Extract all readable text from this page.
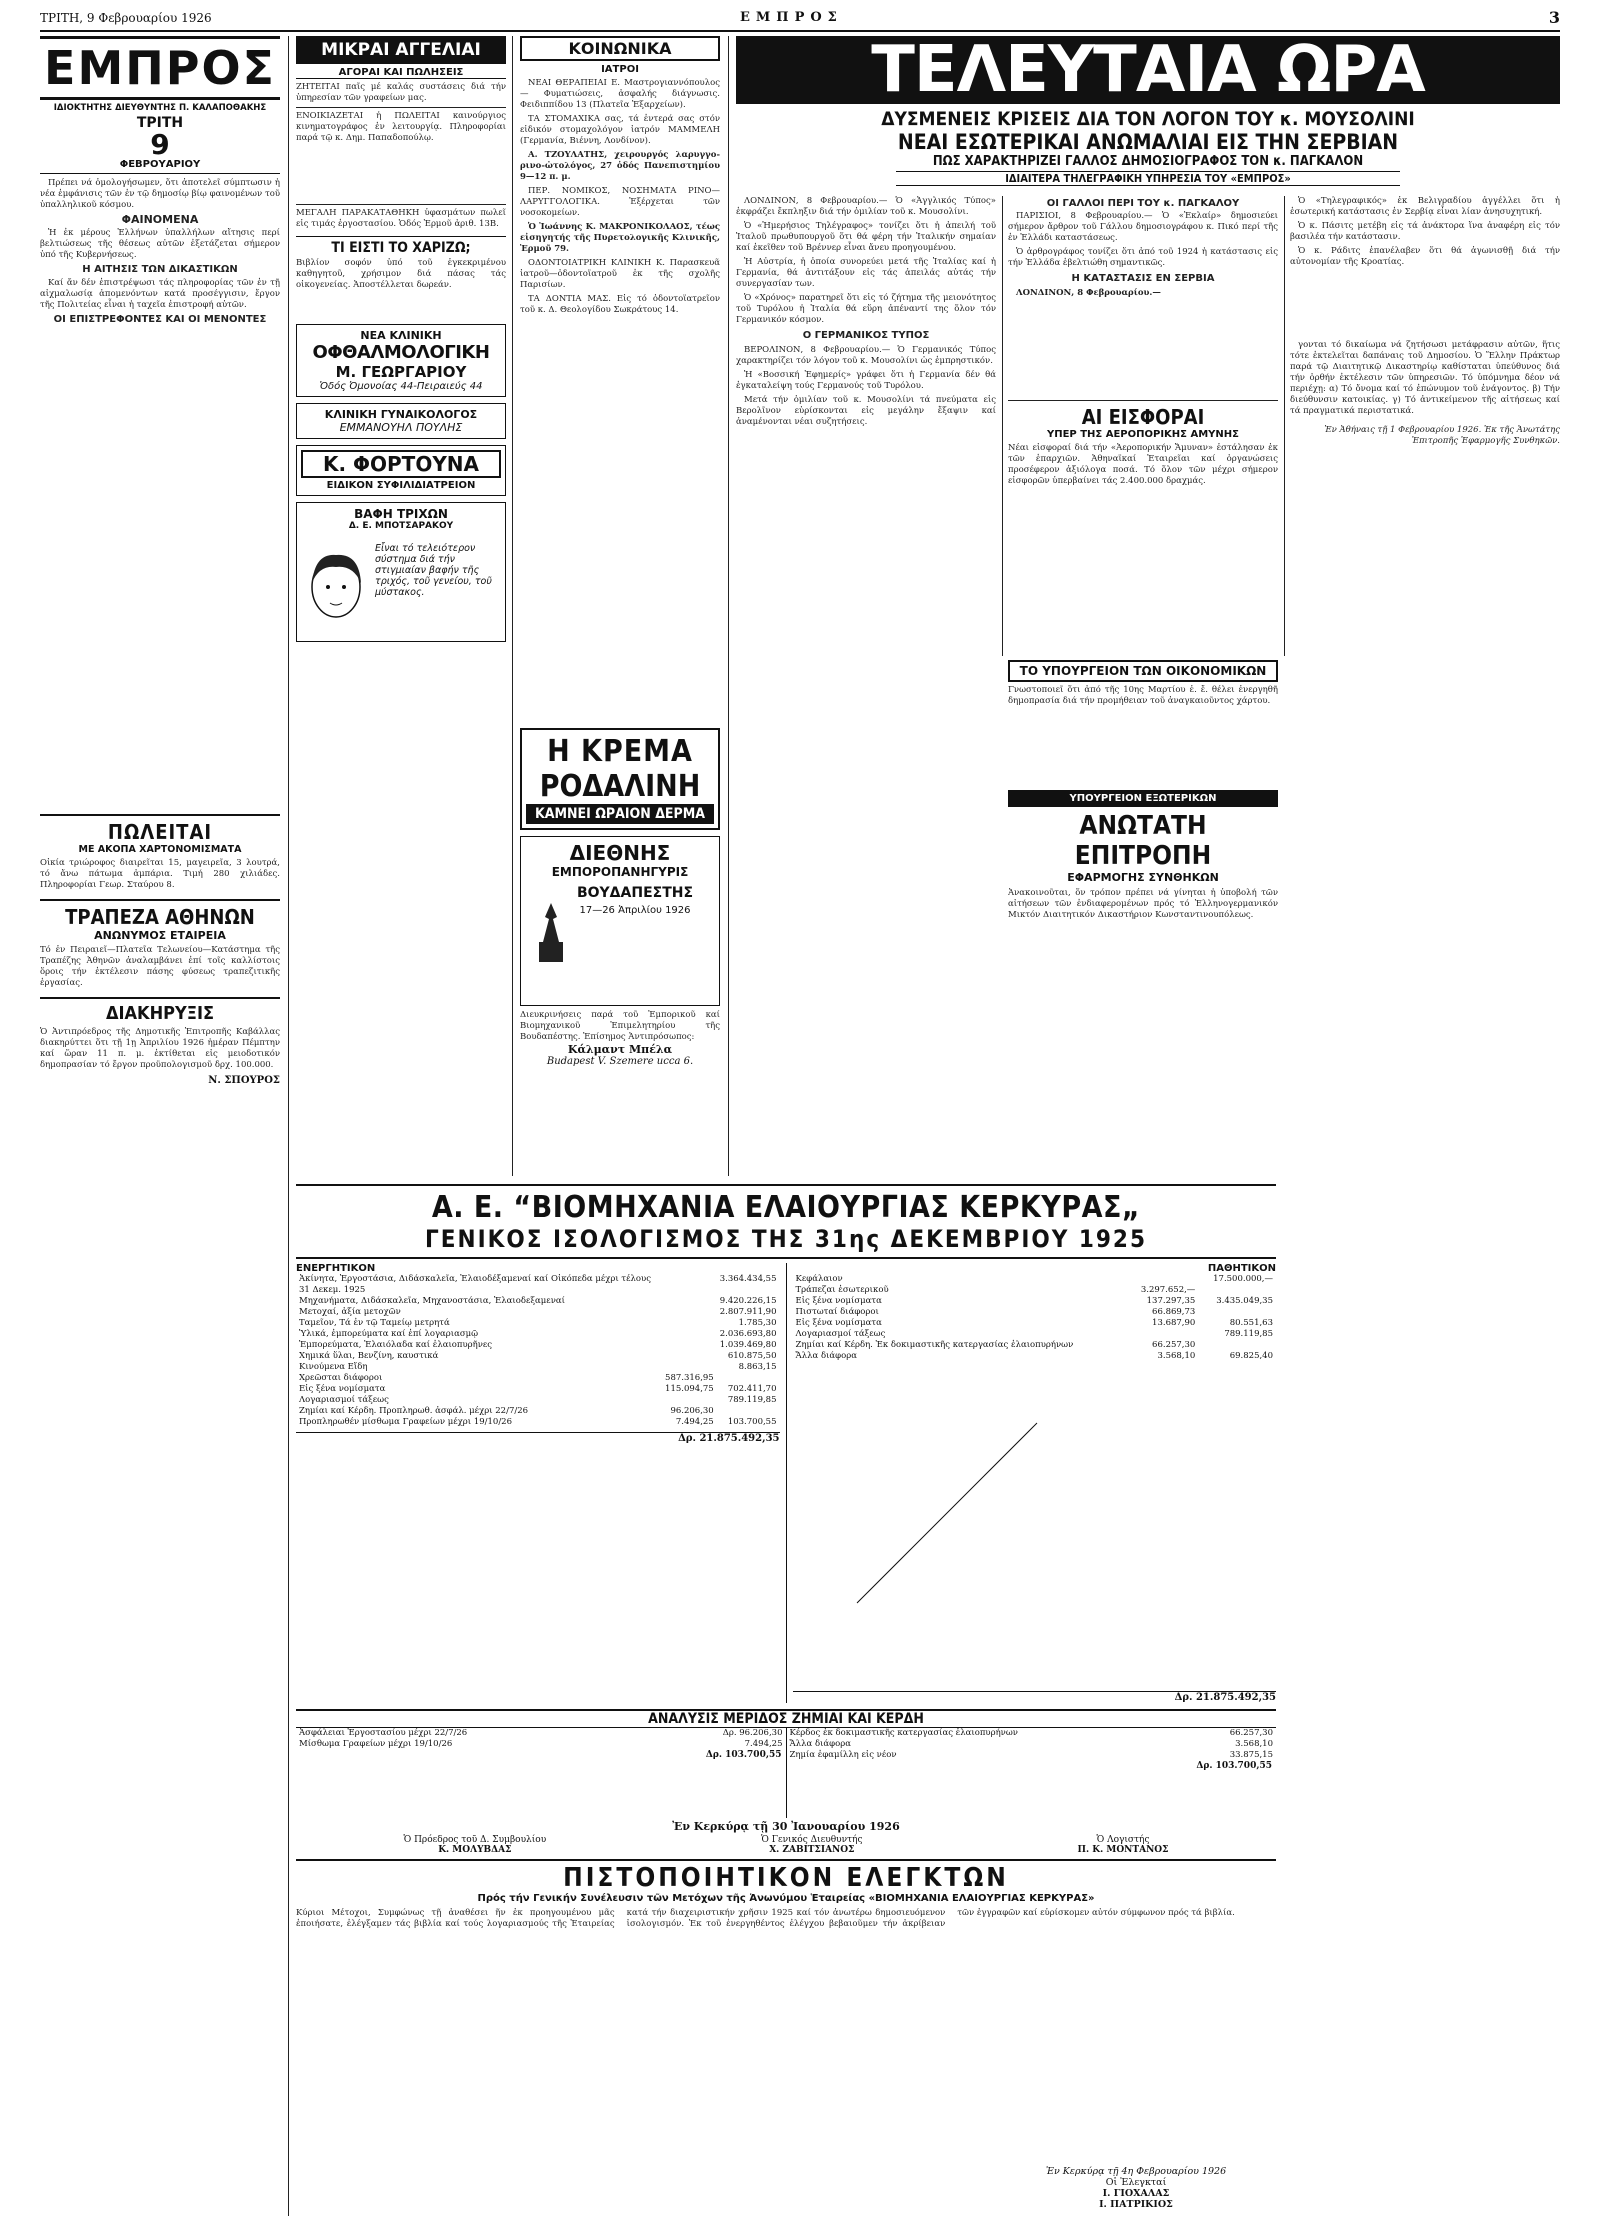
ΤΡΙΤΗ, 9 Φεβρουαρίου 1926	ΕΜΠΡΟΣ	3
ΕΜΠΡΟΣ
ΙΔΙΟΚΤΗΤΗΣ ΔΙΕΥΘΥΝΤΗΣ Π. ΚΑΛΑΠΟΘΑΚΗΣ
ΤΡΙΤΗ
9
ΦΕΒΡΟΥΑΡΙΟΥ

Πρέπει νά ὁμολογήσωμεν, ὅτι ἀποτελεῖ σύμπτωσιν ἡ νέα ἐμφάνισις τῶν ἐν τῷ δημοσίῳ βίῳ φαινομένων τοῦ ὑπαλληλικοῦ κόσμου.

ΦΑΙΝΟΜΕΝΑ

Ἡ ἐκ μέρους Ἑλλήνων ὑπαλλήλων αἴτησις περί βελτιώσεως τῆς θέσεως αὐτῶν ἐξετάζεται σήμερον ὑπό τῆς Κυβερνήσεως.

Η ΑΙΤΗΣΙΣ ΤΩΝ ΔΙΚΑΣΤΙΚΩΝ

Καί ἄν δέν ἐπιστρέψωσι τάς πληροφορίας τῶν ἐν τῇ αἰχμαλωσίᾳ ἀπομενόντων κατά προσέγγισιν, ἔργον τῆς Πολιτείας εἶναι ἡ ταχεῖα ἐπιστροφή αὐτῶν.

ΟΙ ΕΠΙΣΤΡΕΦΟΝΤΕΣ ΚΑΙ ΟΙ ΜΕΝΟΝΤΕΣ
ΠΩΛΕΙΤΑΙ
ΜΕ ΑΚΟΠΑ ΧΑΡΤΟΝΟΜΙΣΜΑΤΑ
Οἰκία τριώροφος διαιρεῖται 15, μαγειρεῖα, 3 λουτρά, τό ἄνω πάτωμα ἀμπάρια. Τιμή 280 χιλιάδες. Πληροφορίαι Γεωρ. Σταύρου 8.
ΤΡΑΠΕΖΑ ΑΘΗΝΩΝ
ΑΝΩΝΥΜΟΣ ΕΤΑΙΡΕΙΑ
Τό ἐν Πειραιεῖ—Πλατεῖα Τελωνείου—Κατάστημα τῆς Τραπέζης Ἀθηνῶν ἀναλαμβάνει ἐπί τοῖς καλλίστοις ὅροις τήν ἐκτέλεσιν πάσης φύσεως τραπεζιτικῆς ἐργασίας.
ΔΙΑΚΗΡΥΞΙΣ
Ὁ Ἀντιπρόεδρος τῆς Δημοτικῆς Ἐπιτροπῆς Καβάλλας διακηρύττει ὅτι τῇ 1ῃ Ἀπριλίου 1926 ἡμέραν Πέμπτην καί ὥραν 11 π. μ. ἐκτίθεται εἰς μειοδοτικόν δημοπρασίαν τό ἔργον προϋπολογισμοῦ δρχ. 100.000.
Ν. ΣΠΟΥΡΟΣ
ΜΙΚΡΑΙ ΑΓΓΕΛΙΑΙ
ΑΓΟΡΑΙ ΚΑΙ ΠΩΛΗΣΕΙΣ
ΖΗΤΕΙΤΑΙ παῖς μέ καλάς συστάσεις διά τήν ὑπηρεσίαν τῶν γραφείων μας.
ΕΝΟΙΚΙΑΖΕΤΑΙ ἡ ΠΩΛΕΙΤΑΙ καινούργιος κινηματογράφος ἐν λειτουργίᾳ. Πληροφορίαι παρά τῷ κ. Δημ. Παπαδοπούλῳ.
ΜΕΓΑΛΗ ΠΑΡΑΚΑΤΑΘΗΚΗ ὑφασμάτων πωλεῖ εἰς τιμάς ἐργοστασίου. Ὁδός Ἑρμοῦ ἀριθ. 13Β.
ΤΙ ΕΙΣΤΙ ΤΟ ΧΑΡΙΖΩ;
Βιβλίον σοφόν ὑπό τοῦ ἐγκεκριμένου καθηγητοῦ, χρήσιμον διά πάσας τάς οἰκογενείας. Ἀποστέλλεται δωρεάν.
ΝΕΑ ΚΛΙΝΙΚΗ
ΟΦΘΑΛΜΟΛΟΓΙΚΗ
Μ. ΓΕΩΡΓΑΡΙΟΥ
Ὁδός Ὀμονοίας 44-Πειραιεύς 44
ΚΛΙΝΙΚΗ ΓΥΝΑΙΚΟΛΟΓΟΣ
ΕΜΜΑΝΟΥΗΛ ΠΟΥΛΗΣ
Κ. ΦΟΡΤΟΥΝΑ
ΕΙΔΙΚΟΝ ΣΥΦΙΛΙΔΙΑΤΡΕΙΟΝ
ΒΑΦΗ ΤΡΙΧΩΝ
Δ. Ε. ΜΠΟΤΣΑΡΑΚΟΥ
Εἶναι τό τελειότερον σύστημα διά τήν στιγμιαίαν βαφήν τῆς τριχός, τοῦ γενείου, τοῦ μύστακος.
ΚΟΙΝΩΝΙΚΑ
ΙΑΤΡΟΙ

ΝΕΑΙ ΘΕΡΑΠΕΙΑΙ Ε. Μαστρογιαννόπουλος — Φυματιώσεις, ἀσφαλής διάγνωσις. Φειδιππίδου 13 (Πλατεῖα Ἐξαρχείων).

ΤΑ ΣΤΟΜΑΧΙΚΑ σας, τά ἐντερά σας στόν εἰδικόν στομαχολόγον ἰατρόν ΜΑΜΜΕΛΗ (Γερμανία, Βιέννη, Λονδίνον).

Α. ΤΖΟΥΛΑΤΗΣ, χειρουργός λαρυγγο-ρινο-ὠτολόγος, 27 ὁδός Πανεπιστημίου 9—12 π. μ.

ΠΕΡ. ΝΟΜΙΚΟΣ, ΝΟΣΗΜΑΤΑ ΡΙΝΟ—ΛΑΡΥΓΓΟΛΟΓΙΚΑ. Ἐξέρχεται τῶν νοσοκομείων.

Ὁ Ἰωάννης Κ. ΜΑΚΡΟΝΙΚΟΛΑΟΣ, τέως εἰσηγητής τῆς Πυρετολογικῆς Κλινικῆς, Ἐρμοῦ 79.

ΟΔΟΝΤΟΙΑΤΡΙΚΗ ΚΛΙΝΙΚΗ Κ. Παρασκευᾶ ἰατροῦ—ὀδοντοϊατροῦ ἐκ τῆς σχολῆς Παρισίων.

ΤΑ ΔΟΝΤΙΑ ΜΑΣ. Εἰς τό ὀδοντοϊατρεῖον τοῦ κ. Δ. Θεολογίδου Σωκράτους 14.

Η ΚΡΕΜΑ
ΡΟΔΑΛΙΝΗ
ΚΑΜΝΕΙ ΩΡΑΙΟΝ ΔΕΡΜΑ
ΔΙΕΘΝΗΣ
ΕΜΠΟΡΟΠΑΝΗΓΥΡΙΣ
ΒΟΥΔΑΠΕΣΤΗΣ
17—26 Ἀπριλίου 1926
Διευκρινήσεις παρά τοῦ Ἐμπορικοῦ καί Βιομηχανικοῦ Ἐπιμελητηρίου τῆς Βουδαπέστης. Ἐπίσημος Ἀντιπρόσωπος:
Κάλμαντ Μπέλα
Budapest V. Szemere ucca 6.
ΤΕΛΕΥΤΑΙΑ ΩΡΑ
ΔΥΣΜΕΝΕΙΣ ΚΡΙΣΕΙΣ ΔΙΑ ΤΟΝ ΛΟΓΟΝ ΤΟΥ κ. ΜΟΥΣΟΛΙΝΙ
ΝΕΑΙ ΕΣΩΤΕΡΙΚΑΙ ΑΝΩΜΑΛΙΑΙ ΕΙΣ ΤΗΝ ΣΕΡΒΙΑΝ
ΠΩΣ ΧΑΡΑΚΤΗΡΙΖΕΙ ΓΑΛΛΟΣ ΔΗΜΟΣΙΟΓΡΑΦΟΣ ΤΟΝ κ. ΠΑΓΚΑΛΟΝ
ΙΔΙΑΙΤΕΡΑ ΤΗΛΕΓΡΑΦΙΚΗ ΥΠΗΡΕΣΙΑ ΤΟΥ «ΕΜΠΡΟΣ»

ΛΟΝΔΙΝΟΝ, 8 Φεβρουαρίου.— Ὁ «Ἀγγλικός Τύπος» ἐκφράζει ἔκπληξιν διά τήν ὁμιλίαν τοῦ κ. Μουσολίνι.

Ὁ «Ἡμερήσιος Τηλέγραφος» τονίζει ὅτι ἡ ἀπειλή τοῦ Ἰταλοῦ πρωθυπουργοῦ ὅτι θά φέρη τήν Ἰταλικήν σημαίαν καί ἐκεῖθεν τοῦ Βρέννερ εἶναι ἄνευ προηγουμένου.

Ἡ Αὐστρία, ἡ ὁποία συνορεύει μετά τῆς Ἰταλίας καί ἡ Γερμανία, θά ἀντιτάξουν εἰς τάς ἀπειλάς αὐτάς τήν συνεργασίαν των.

Ὁ «Χρόνος» παρατηρεῖ ὅτι εἰς τό ζήτημα τῆς μειονότητος τοῦ Τυρόλου ἡ Ἰταλία θά εὕρη ἀπέναντί της ὅλον τόν Γερμανικόν κόσμον.

Ο ΓΕΡΜΑΝΙΚΟΣ ΤΥΠΟΣ

ΒΕΡΟΛΙΝΟΝ, 8 Φεβρουαρίου.— Ὁ Γερμανικός Τύπος χαρακτηρίζει τόν λόγον τοῦ κ. Μουσολίνι ὡς ἐμπρηστικόν.

Ἡ «Βοσσική Ἐφημερίς» γράφει ὅτι ἡ Γερμανία δέν θά ἐγκαταλείψη τούς Γερμανούς τοῦ Τυρόλου.

Μετά τήν ὁμιλίαν τοῦ κ. Μουσολίνι τά πνεύματα εἰς Βερολῖνον εὑρίσκονται εἰς μεγάλην ἔξαψιν καί ἀναμένονται νέαι συζητήσεις.

ΟΙ ΓΑΛΛΟΙ ΠΕΡΙ ΤΟΥ κ. ΠΑΓΚΑΛΟΥ

ΠΑΡΙΣΙΟΙ, 8 Φεβρουαρίου.— Ὁ «Ἐκλαίρ» δημοσιεύει σήμερον ἄρθρον τοῦ Γάλλου δημοσιογράφου κ. Πικό περί τῆς ἐν Ἑλλάδι καταστάσεως.

Ὁ ἀρθρογράφος τονίζει ὅτι ἀπό τοῦ 1924 ἡ κατάστασις εἰς τήν Ἑλλάδα ἐβελτιώθη σημαντικῶς.

Η ΚΑΤΑΣΤΑΣΙΣ ΕΝ ΣΕΡΒΙΑ

ΛΟΝΔΙΝΟΝ, 8 Φεβρουαρίου.—

Ὁ «Τηλεγραφικός» ἐκ Βελιγραδίου ἀγγέλλει ὅτι ἡ ἐσωτερική κατάστασις ἐν Σερβίᾳ εἶναι λίαν ἀνησυχητική.

Ὁ κ. Πάσιτς μετέβη εἰς τά ἀνάκτορα ἵνα ἀναφέρη εἰς τόν βασιλέα τήν κατάστασιν.

Ὁ κ. Ράδιτς ἐπανέλαβεν ὅτι θά ἀγωνισθῇ διά τήν αὐτονομίαν τῆς Κροατίας.

ΑΙ ΕΙΣΦΟΡΑΙ
ΥΠΕΡ ΤΗΣ ΑΕΡΟΠΟΡΙΚΗΣ ΑΜΥΝΗΣ
Νέαι εἰσφοραί διά τήν «Ἀεροπορικήν Ἄμυναν» ἐστάλησαν ἐκ τῶν ἐπαρχιῶν. Ἀθηναϊκαί Ἑταιρεῖαι καί ὀργανώσεις προσέφερον ἀξιόλογα ποσά. Τό ὅλον τῶν μέχρι σήμερον εἰσφορῶν ὑπερβαίνει τάς 2.400.000 δραχμάς.
ΤΟ ΥΠΟΥΡΓΕΙΟΝ ΤΩΝ ΟΙΚΟΝΟΜΙΚΩΝ
Γνωστοποιεῖ ὅτι ἀπό τῆς 10ης Μαρτίου ἐ. ἔ. θέλει ἐνεργηθῆ δημοπρασία διά τήν προμήθειαν τοῦ ἀναγκαιοῦντος χάρτου.
ΥΠΟΥΡΓΕΙΟΝ ΕΞΩΤΕΡΙΚΩΝ
ΑΝΩΤΑΤΗ ΕΠΙΤΡΟΠΗ
ΕΦΑΡΜΟΓΗΣ ΣΥΝΘΗΚΩΝ
Ἀνακοινοῦται, ὅν τρόπον πρέπει νά γίνηται ἡ ὑποβολή τῶν αἰτήσεων τῶν ἐνδιαφερομένων πρός τό Ἑλληνογερμανικόν Μικτόν Διαιτητικόν Δικαστήριον Κωνσταντινουπόλεως.

γονται τό δικαίωμα νά ζητήσωσι μετάφρασιν αὐτῶν, ἥτις τότε ἐκτελεῖται δαπάναις τοῦ Δημοσίου. Ὁ Ἕλλην Πράκτωρ παρά τῷ Διαιτητικῷ Δικαστηρίῳ καθίσταται ὑπεύθυνος διά τήν ὀρθήν ἐκτέλεσιν τῶν ὑπηρεσιῶν. Τό ὑπόμνημα δέον νά περιέχῃ: α) Τό ὄνομα καί τό ἐπώνυμον τοῦ ἐνάγοντος. β) Τήν διεύθυνσιν κατοικίας. γ) Τό ἀντικείμενον τῆς αἰτήσεως καί τά πραγματικά περιστατικά.

Ἐν Ἀθήναις τῇ 1 Φεβρουαρίου 1926. Ἐκ τῆς Ἀνωτάτης Ἐπιτροπῆς Ἐφαρμογῆς Συνθηκῶν.

Α. Ε. “ΒΙΟΜΗΧΑΝΙΑ ΕΛΑΙΟΥΡΓΙΑΣ ΚΕΡΚΥΡΑΣ„
ΓΕΝΙΚΟΣ ΙΣΟΛΟΓΙΣΜΟΣ ΤΗΣ 31ης ΔΕΚΕΜΒΡΙΟΥ 1925
ΕΝΕΡΓΗΤΙΚΟΝ
Ἀκίνητα, Ἐργοστάσια, Διδάσκαλεῖα, Ἐλαιοδέξαμεναί καί Οἰκόπεδα μέχρι τέλους 31 Δεκεμ. 1925		3.364.434,55
Μηχανήματα, Διδάσκαλεῖα, Μηχανοστάσια, Ἐλαιοδεξαμεναί		9.420.226,15
Μετοχαί, ἀξία μετοχῶν		2.807.911,90
Ταμεῖον, Τά ἐν τῷ Ταμείῳ μετρητά		1.785,30
Ὑλικά, ἐμπορεύματα καί ἐπί λογαριασμῷ		2.036.693,80
Ἐμπορεύματα, Ἐλαιόλαδα καί ἐλαιοπυρῆνες		1.039.469,80
Χημικά ὕλαι, Βενζίνη, καυστικά		610.875,50
Κινούμενα Εἴδη		8.863,15
Χρεῶσται διάφοροι	587.316,95	
Εἰς ξένα νομίσματα	115.094,75	702.411,70
Λογαριασμοί τάξεως		789.119,85
Ζημίαι καί Κέρδη. Προπληρωθ. ἀσφάλ. μέχρι 22/7/26	96.206,30	
Προπληρωθέν μίσθωμα Γραφείων μέχρι 19/10/26	7.494,25	103.700,55
Δρ. 21.875.492,35
ΠΑΘΗΤΙΚΟΝ
Κεφάλαιον		17.500.000,—
Τράπεζαι ἐσωτερικοῦ	3.297.652,—	
Εἰς ξένα νομίσματα	137.297,35	3.435.049,35
Πιστωταί διάφοροι	66.869,73	
Εἰς ξένα νομίσματα	13.687,90	80.551,63
Λογαριασμοί τάξεως		789.119,85
Ζημίαι καί Κέρδη. Ἐκ δοκιμαστικῆς κατεργασίας ἐλαιοπυρήνων	66.257,30	
Ἄλλα διάφορα	3.568,10	69.825,40
Δρ. 21.875.492,35
ΑΝΑΛΥΣΙΣ ΜΕΡΙΔΟΣ ΖΗΜΙΑΙ ΚΑΙ ΚΕΡΔΗ
Ἀσφάλειαι Ἐργοστασίου μέχρι 22/7/26	Δρ. 96.206,30
Μίσθωμα Γραφείων μέχρι 19/10/26	7.494,25
Δρ. 103.700,55
Κέρδος ἐκ δοκιμαστικῆς κατεργασίας ἐλαιοπυρήνων	66.257,30
Ἄλλα διάφορα	3.568,10
Ζημία ἐφαμίλλη εἰς νέον	33.875,15
Δρ. 103.700,55
Ἐν Κερκύρᾳ τῇ 30 Ἰανουαρίου 1926
Ὁ Πρόεδρος τοῦ Δ. Συμβουλίου
Κ. ΜΟΛΥΒΔΑΣ
Ὁ Γενικός Διευθυντής
Χ. ΖΑΒΙΤΣΙΑΝΟΣ
Ὁ Λογιστής
Π. Κ. ΜΟΝΤΑΝΟΣ
ΠΙΣΤΟΠΟΙΗΤΙΚΟΝ ΕΛΕΓΚΤΩΝ
Πρός τήν Γενικήν Συνέλευσιν τῶν Μετόχων τῆς Ἀνωνύμου Ἑταιρείας «ΒΙΟΜΗΧΑΝΙΑ ΕΛΑΙΟΥΡΓΙΑΣ ΚΕΡΚΥΡΑΣ»
Κύριοι Μέτοχοι, Συμφώνως τῇ ἀναθέσει ἥν ἐκ προηγουμένου μᾶς ἐποιήσατε, ἐλέγξαμεν τάς βιβλία καί τούς λογαριασμούς τῆς Ἑταιρείας κατά τήν διαχειριστικήν χρῆσιν 1925 καί τόν ἀνωτέρω δημοσιευόμενον ἰσολογισμόν. Ἐκ τοῦ ἐνεργηθέντος ἐλέγχου βεβαιοῦμεν τήν ἀκρίβειαν τῶν ἐγγραφῶν καί εὑρίσκομεν αὐτόν σύμφωνον πρός τά βιβλία.
Ἐν Κερκύρᾳ τῇ 4η Φεβρουαρίου 1926
Οἱ Ἐλεγκταί
Ι. ΓΙΟΧΑΛΑΣ
Ι. ΠΑΤΡΙΚΙΟΣ
